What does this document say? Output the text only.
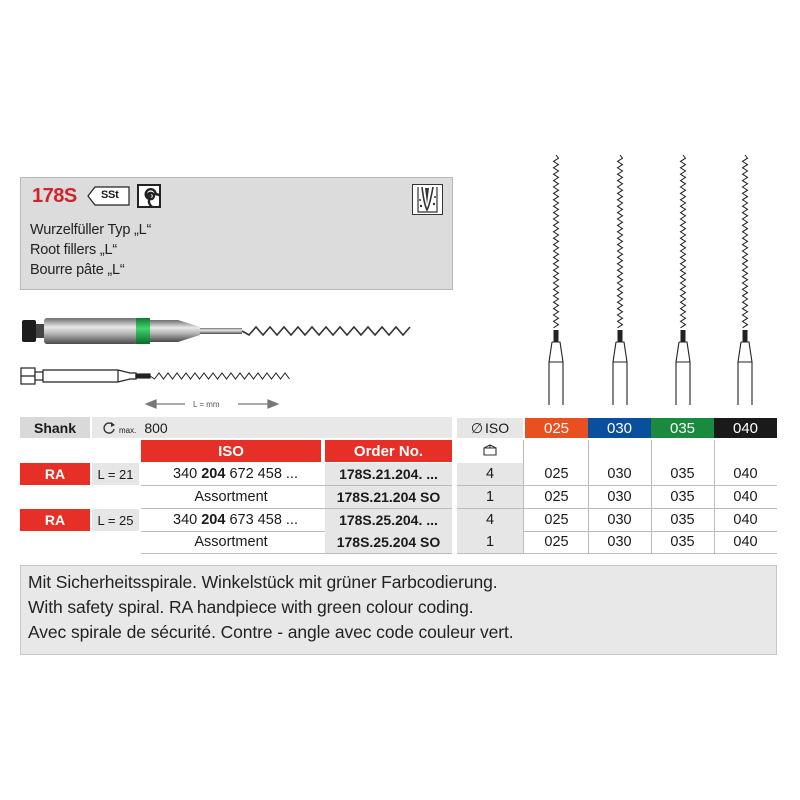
178S SSt
Wurzelfüller Typ „L“
Root fillers „L“
Bourre pâte „L“
L = mm
Shank	max. 800
ISO	Order No.
RA	L = 21	340 204 672 458 ...	178S.21.204. ...
Assortment	178S.21.204 SO
RA	L = 25	340 204 673 458 ...	178S.25.204. ...
Assortment	178S.25.204 SO
∅ ISO	025	030	035	040
4	025	030	035	040
1	025	030	035	040
4	025	030	035	040
1	025	030	035	040
Mit Sicherheitsspirale. Winkelstück mit grüner Farbcodierung.
With safety spiral. RA handpiece with green colour coding.
Avec spirale de sécurité. Contre - angle avec code couleur vert.
